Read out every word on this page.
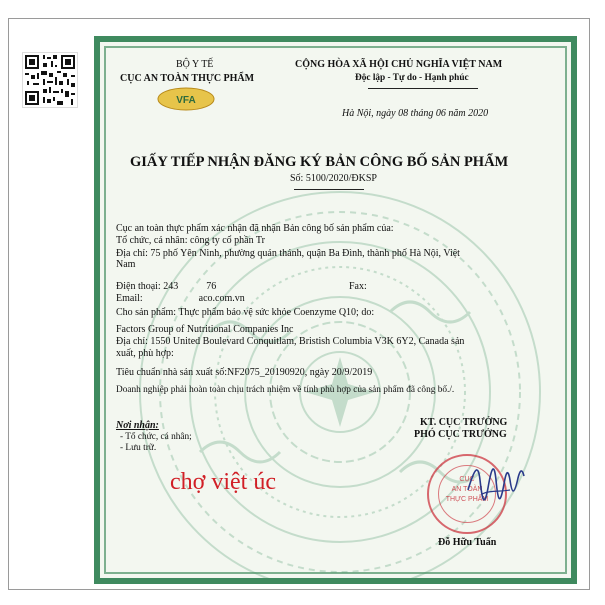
BỘ Y TẾ
CỤC AN TOÀN THỰC PHẨM
VFA
CỘNG HÒA XÃ HỘI CHỦ NGHĨA VIỆT NAM
Độc lập - Tự do - Hạnh phúc
Hà Nội, ngày 08 tháng 06 năm 2020
GIẤY TIẾP NHẬN ĐĂNG KÝ BẢN CÔNG BỐ SẢN PHẨM
Số: 5100/2020/ĐKSP
Cục an toàn thực phẩm xác nhận đã nhận Bản công bố sản phẩm của:
Tổ chức, cá nhân: công ty cổ phần Tr
Địa chỉ: 75 phố Yên Ninh, phường quán thánh, quận Ba Đình, thành phố Hà Nội, Việt
Nam
Điện thoại: 243	76	Fax:
Email:	aco.com.vn
Cho sản phẩm: Thực phẩm bảo vệ sức khỏe Coenzyme Q10; do:
Factors Group of Nutritional Companies Inc
Địa chỉ: 1550 United Boulevard Conquitlam, Bristish Columbia V3K 6Y2, Canada sản
xuất, phù hợp:
Tiêu chuẩn nhà sản xuất số:NF2075_20190920, ngày 20/9/2019
Doanh nghiệp phải hoàn toàn chịu trách nhiệm về tính phù hợp của sản phẩm đã công bố./.
Nơi nhận:
- Tổ chức, cá nhân;
- Lưu trữ.
KT. CỤC TRƯỞNG
PHÓ CỤC TRƯỞNG
CỤC
AN TOÀN
THỰC PHẨM
Đỗ Hữu Tuấn
chợ việt úc
